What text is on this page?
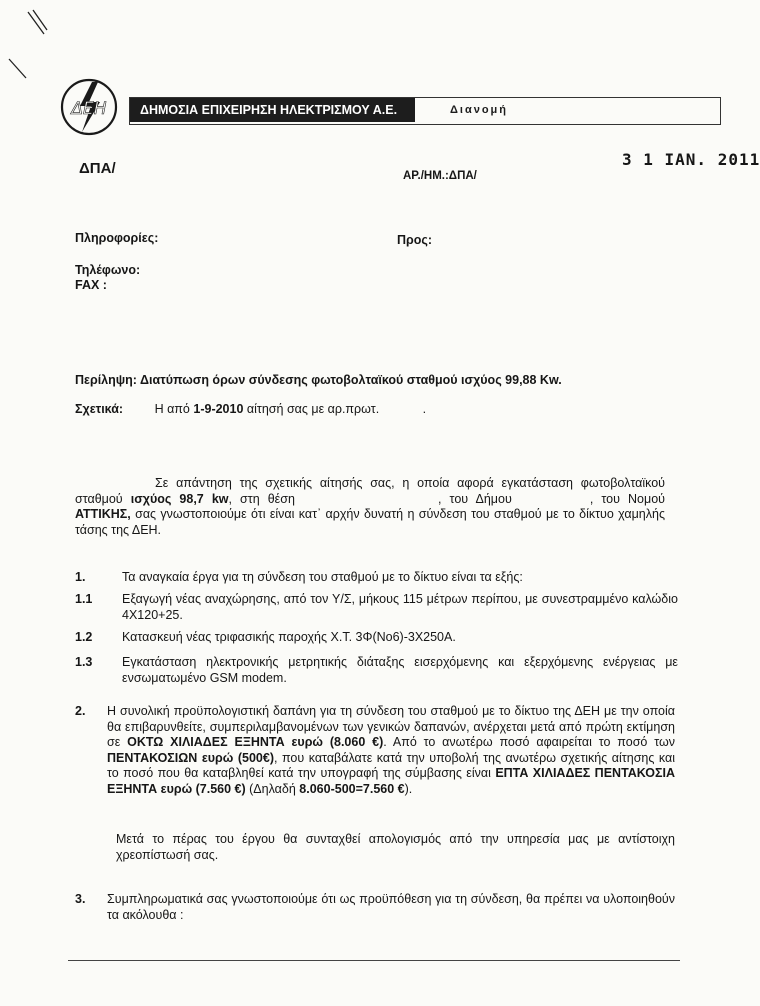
ΔΕΗ	ΔΗΜΟΣΙΑ ΕΠΙΧΕΙΡΗΣΗ ΗΛΕΚΤΡΙΣΜΟΥ Α.Ε.	Διανομή
ΔΠΑ/	ΑΡ./ΗΜ.:ΔΠΑ/
3 1 ΙΑΝ. 2011
Πληροφορίες:	Προς:
Τηλέφωνο:
FAX :
Περίληψη: Διατύπωση όρων σύνδεσης φωτοβολταϊκού σταθμού ισχύος 99,88 Kw.
Σχετικά:	Η από 1-9-2010 αίτησή σας με αρ.πρωτ.	.
Σε απάντηση της σχετικής αίτησής σας, η οποία αφορά εγκατάσταση φωτοβολταϊκού σταθμού ισχύος 98,7 kw, στη θέση	, του Δήμου	, του Νομού ΑΤΤΙΚΗΣ, σας γνωστοποιούμε ότι είναι κατ᾽ αρχήν δυνατή η σύνδεση του σταθμού με το δίκτυο χαμηλής τάσης της ΔΕΗ.
1.	Τα αναγκαία έργα για τη σύνδεση του σταθμού με το δίκτυο είναι τα εξής:
1.1 Εξαγωγή νέας αναχώρησης, από τον Υ/Σ, μήκους 115 μέτρων περίπου, με συνεστραμμένο καλώδιο 4Χ120+25.
1.2 Κατασκευή νέας τριφασικής παροχής Χ.Τ. 3Φ(Νο6)-3Χ250Α.
1.3 Εγκατάσταση ηλεκτρονικής μετρητικής διάταξης εισερχόμενης και εξερχόμενης ενέργειας με ενσωματωμένο GSM modem.
2. Η συνολική προϋπολογιστική δαπάνη για τη σύνδεση του σταθμού με το δίκτυο της ΔΕΗ με την οποία θα επιβαρυνθείτε, συμπεριλαμβανομένων των γενικών δαπανών, ανέρχεται μετά από πρώτη εκτίμηση σε ΟΚΤΩ ΧΙΛΙΑΔΕΣ ΕΞΗΝΤΑ ευρώ (8.060 €). Από το ανωτέρω ποσό αφαιρείται το ποσό των ΠΕΝΤΑΚΟΣΙΩΝ ευρώ (500€), που καταβάλατε κατά την υποβολή της ανωτέρω σχετικής αίτησης και το ποσό που θα καταβληθεί κατά την υπογραφή της σύμβασης είναι ΕΠΤΑ ΧΙΛΙΑΔΕΣ ΠΕΝΤΑΚΟΣΙΑ ΕΞΗΝΤΑ ευρώ (7.560 €) (Δηλαδή 8.060-500=7.560 €).
Μετά το πέρας του έργου θα συνταχθεί απολογισμός από την υπηρεσία μας με αντίστοιχη χρεοπίστωσή σας.
3. Συμπληρωματικά σας γνωστοποιούμε ότι ως προϋπόθεση για τη σύνδεση, θα πρέπει να υλοποιηθούν τα ακόλουθα :
